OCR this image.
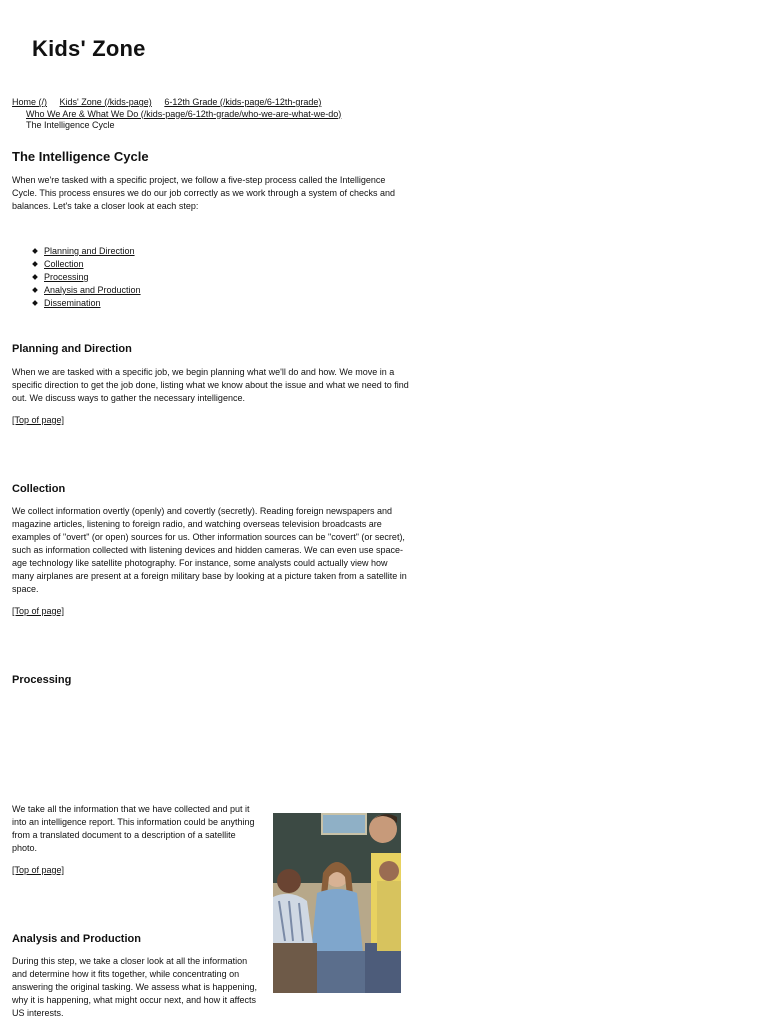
Kids' Zone
Home (/) Kids' Zone (/kids-page) 6-12th Grade (/kids-page/6-12th-grade)
Who We Are & What We Do (/kids-page/6-12th-grade/who-we-are-what-we-do)
The Intelligence Cycle
The Intelligence Cycle

When we're tasked with a specific project, we follow a five-step process called the Intelligence Cycle. This process ensures we do our job correctly as we work through a system of checks and balances. Let's take a closer look at each step:

Planning and Direction
Collection
Processing
Analysis and Production
Dissemination
Planning and Direction

When we are tasked with a specific job, we begin planning what we'll do and how. We move in a specific direction to get the job done, listing what we know about the issue and what we need to find out. We discuss ways to gather the necessary intelligence.

[Top of page]
Collection

We collect information overtly (openly) and covertly (secretly). Reading foreign newspapers and magazine articles, listening to foreign radio, and watching overseas television broadcasts are examples of "overt" (or open) sources for us. Other information sources can be "covert" (or secret), such as information collected with listening devices and hidden cameras. We can even use space-age technology like satellite photography. For instance, some analysts could actually view how many airplanes are present at a foreign military base by looking at a picture taken from a satellite in space.

[Top of page]
Processing

We take all the information that we have collected and put it into an intelligence report. This information could be anything from a translated document to a description of a satellite photo.

[Top of page]
Analysis and Production

During this step, we take a closer look at all the information and determine how it fits together, while concentrating on answering the original tasking. We assess what is happening, why it is happening, what might occur next, and how it affects US interests.
